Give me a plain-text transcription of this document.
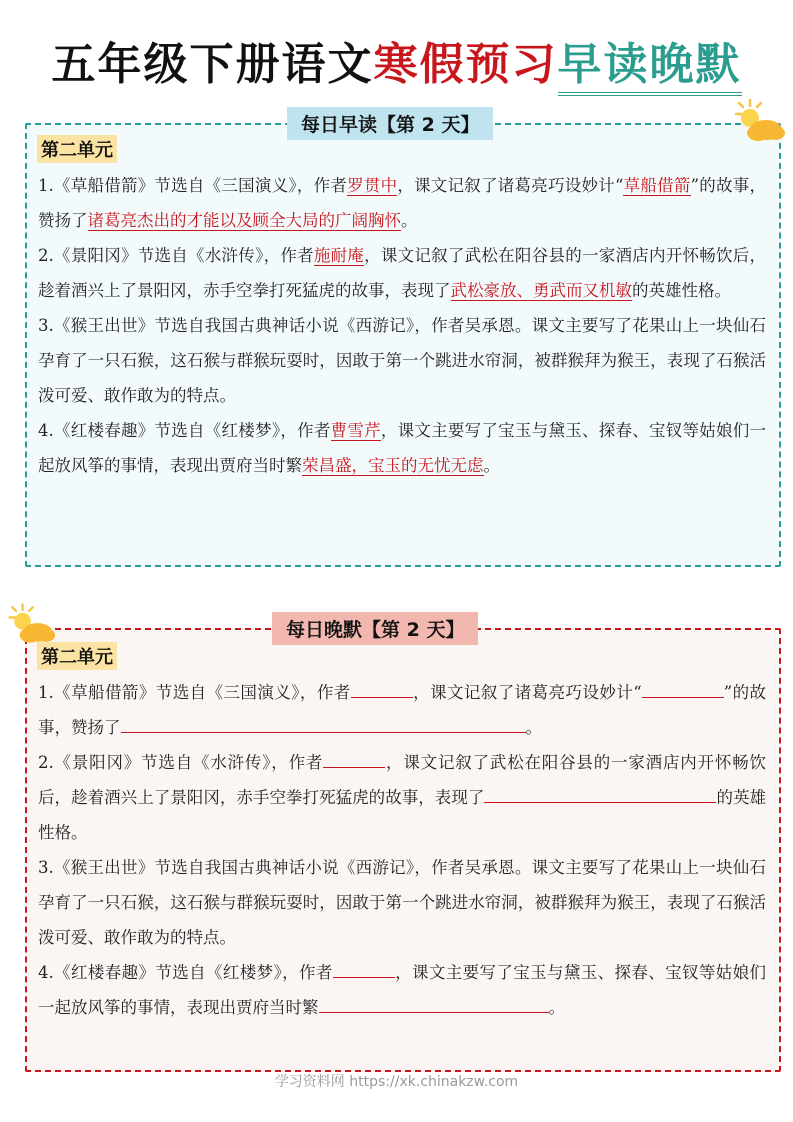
五年级下册语文寒假预习早读晚默
每日早读【第 2 天】
第二单元

1.《草船借箭》节选自《三国演义》，作者罗贯中，课文记叙了诸葛亮巧设妙计“草船借箭”的故事，赞扬了诸葛亮杰出的才能以及顾全大局的广阔胸怀。

2.《景阳冈》节选自《水浒传》，作者施耐庵，课文记叙了武松在阳谷县的一家酒店内开怀畅饮后，趁着酒兴上了景阳冈，赤手空拳打死猛虎的故事，表现了武松豪放、勇武而又机敏的英雄性格。

3.《猴王出世》节选自我国古典神话小说《西游记》，作者吴承恩。课文主要写了花果山上一块仙石孕育了一只石猴，这石猴与群猴玩耍时，因敢于第一个跳进水帘洞，被群猴拜为猴王，表现了石猴活泼可爱、敢作敢为的特点。

4.《红楼春趣》节选自《红楼梦》，作者曹雪芹，课文主要写了宝玉与黛玉、探春、宝钗等姑娘们一起放风筝的事情，表现出贾府当时繁荣昌盛，宝玉的无忧无虑。

每日晚默【第 2 天】
第二单元

1.《草船借箭》节选自《三国演义》，作者	，课文记叙了诸葛亮巧设妙计“	”的故事，赞扬了	。

2.《景阳冈》节选自《水浒传》，作者	，课文记叙了武松在阳谷县的一家酒店内开怀畅饮后，趁着酒兴上了景阳冈，赤手空拳打死猛虎的故事，表现了	的英雄性格。

3.《猴王出世》节选自我国古典神话小说《西游记》，作者吴承恩。课文主要写了花果山上一块仙石孕育了一只石猴，这石猴与群猴玩耍时，因敢于第一个跳进水帘洞，被群猴拜为猴王，表现了石猴活泼可爱、敢作敢为的特点。

4.《红楼春趣》节选自《红楼梦》，作者	，课文主要写了宝玉与黛玉、探春、宝钗等姑娘们一起放风筝的事情，表现出贾府当时繁	。

学习资料网 https://xk.chinakzw.com
